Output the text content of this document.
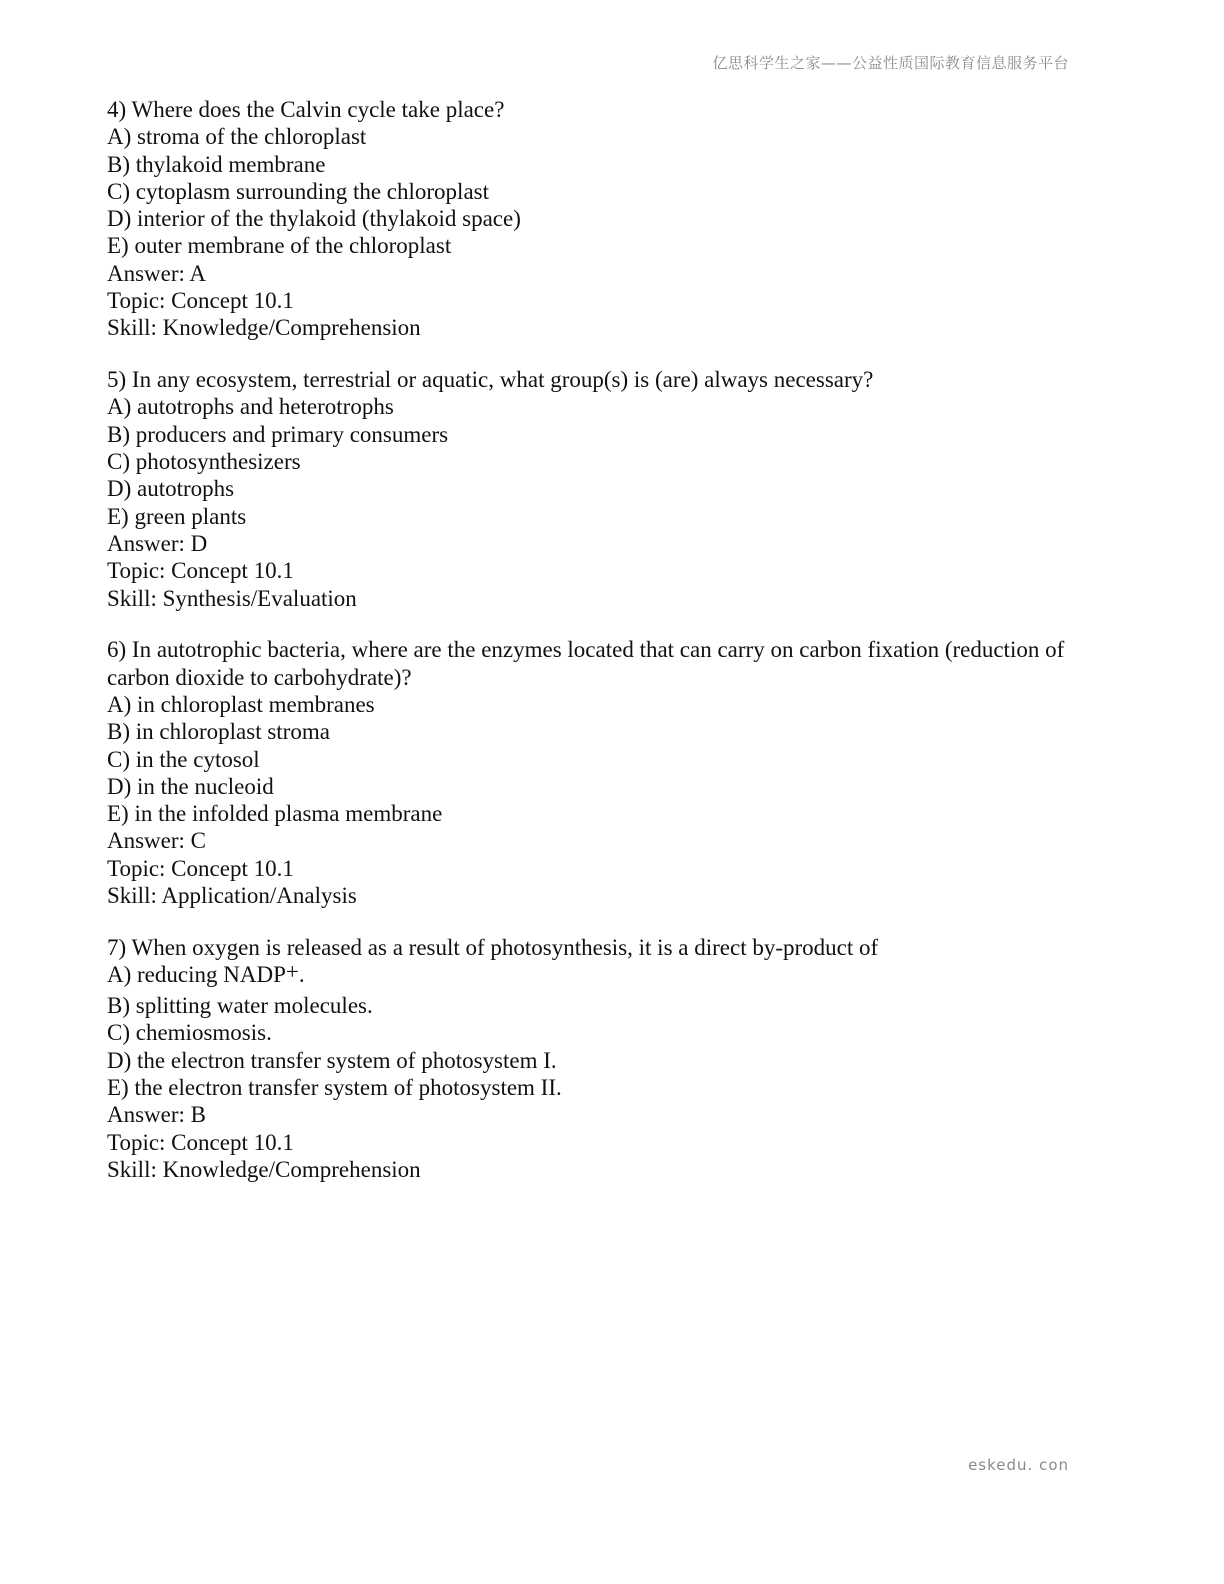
亿思科学生之家——公益性质国际教育信息服务平台
4) Where does the Calvin cycle take place?
A) stroma of the chloroplast
B) thylakoid membrane
C) cytoplasm surrounding the chloroplast
D) interior of the thylakoid (thylakoid space)
E) outer membrane of the chloroplast
Answer: A
Topic: Concept 10.1
Skill: Knowledge/Comprehension
5) In any ecosystem, terrestrial or aquatic, what group(s) is (are) always necessary?
A) autotrophs and heterotrophs
B) producers and primary consumers
C) photosynthesizers
D) autotrophs
E) green plants
Answer: D
Topic: Concept 10.1
Skill: Synthesis/Evaluation
6) In autotrophic bacteria, where are the enzymes located that can carry on carbon fixation (reduction of carbon dioxide to carbohydrate)?
A) in chloroplast membranes
B) in chloroplast stroma
C) in the cytosol
D) in the nucleoid
E) in the infolded plasma membrane
Answer: C
Topic: Concept 10.1
Skill: Application/Analysis
7) When oxygen is released as a result of photosynthesis, it is a direct by-product of
A) reducing NADP+.
B) splitting water molecules.
C) chemiosmosis.
D) the electron transfer system of photosystem I.
E) the electron transfer system of photosystem II.
Answer: B
Topic: Concept 10.1
Skill: Knowledge/Comprehension
eskedu. con
